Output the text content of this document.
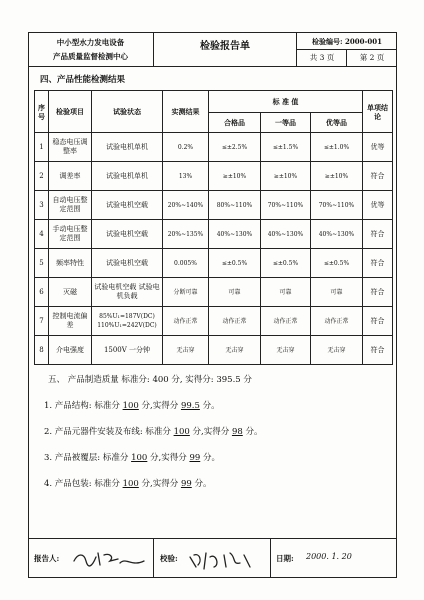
中小型水力发电设备
产品质量监督检测中心
检验报告单	检验编号: 2000-001
共 3 页	第 2 页
四、产品性能检测结果
序号	检验项目	试验状态	实测结果	标 准 值			单项结论
				合格品	一等品	优等品	
1	稳态电压调整率	试验电机单机	0.2%	≤±2.5%	≤±1.5%	≤±1.0%	优等
2	调差率	试验电机单机	13%	≥±10%	≥±10%	≥±10%	符合
3	自动电压整定范围	试验电机空载	20%~140%	80%~110%	70%~110%	70%~110%	优等
4	手动电压整定范围	试验电机空载	20%~135%	40%~130%	40%~130%	40%~130%	符合
5	频率特性	试验电机空载	0.005%	≤±0.5%	≤±0.5%	≤±0.5%	符合
6	灭磁	试验电机空载 试验电机负载	分断可靠	可靠	可靠	可靠	符合
7	控制电流偏差	85%U₁=187V(DC) 110%U₁=242V(DC)	动作正常	动作正常	动作正常	动作正常	符合
8	介电强度	1500V 一分钟	无击穿	无击穿	无击穿	无击穿	符合
五、 产品制造质量 标准分: 400 分, 实得分: 395.5 分
1. 产品结构: 标准分 100 分,实得分 99.5 分。
2. 产品元器件安装及布线: 标准分 100 分,实得分 98 分。
3. 产品被覆层: 标准分 100 分,实得分 99 分。
4. 产品包装: 标准分 100 分,实得分 99 分。
报告人:	校验:	日期: 2000. 1. 20
